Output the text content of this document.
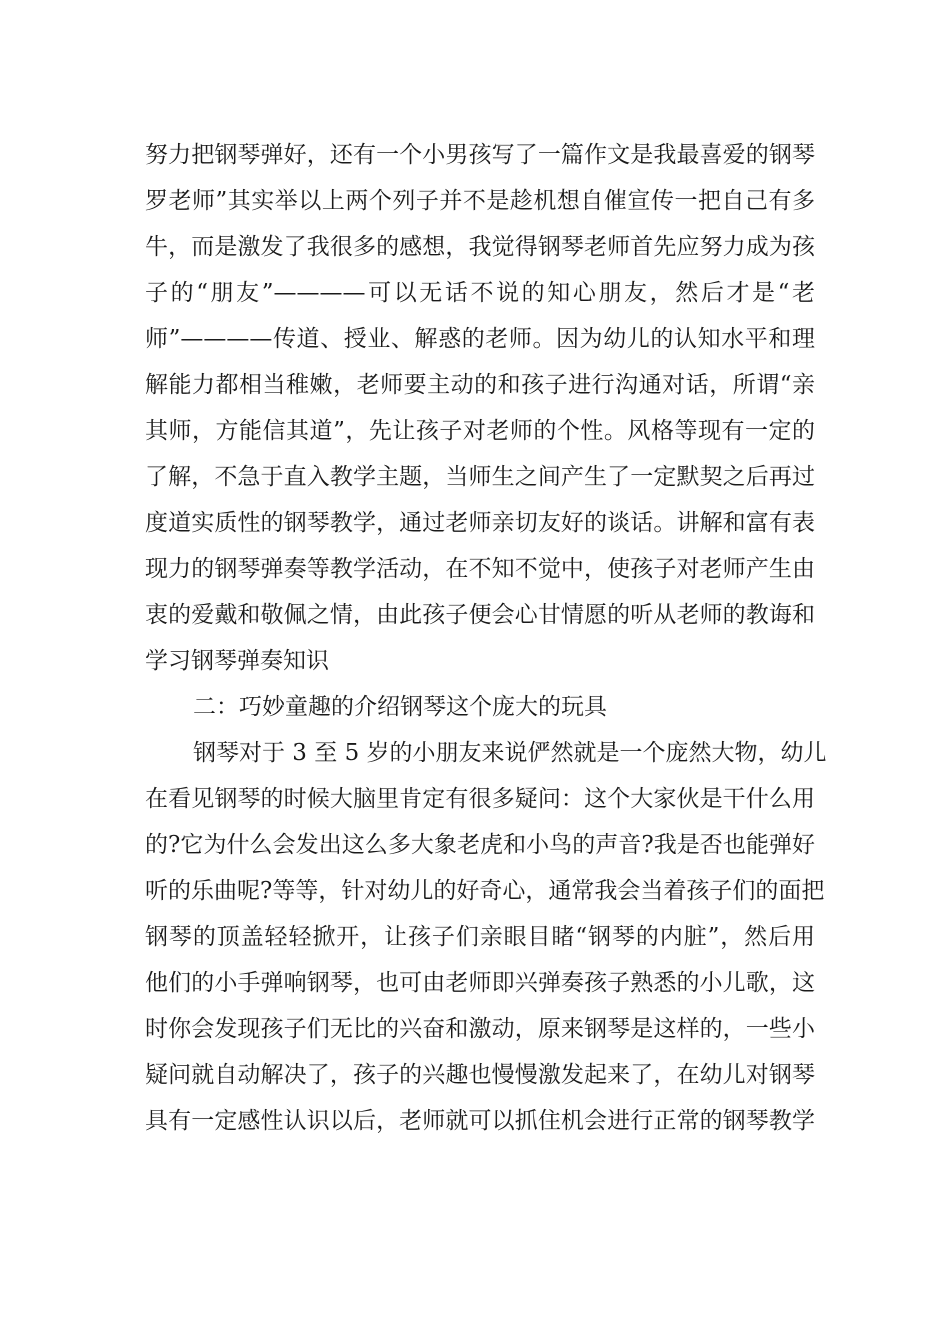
努力把钢琴弹好，还有一个小男孩写了一篇作文是我最喜爱的钢琴
罗老师”其实举以上两个列子并不是趁机想自催宣传一把自己有多
牛，而是激发了我很多的感想，我觉得钢琴老师首先应努力成为孩
子的“朋友”————可以无话不说的知心朋友，然后才是“老
师”————传道、授业、解惑的老师。因为幼儿的认知水平和理
解能力都相当稚嫩，老师要主动的和孩子进行沟通对话，所谓“亲
其师，方能信其道”，先让孩子对老师的个性。风格等现有一定的
了解，不急于直入教学主题，当师生之间产生了一定默契之后再过
度道实质性的钢琴教学，通过老师亲切友好的谈话。讲解和富有表
现力的钢琴弹奏等教学活动，在不知不觉中，使孩子对老师产生由
衷的爱戴和敬佩之情，由此孩子便会心甘情愿的听从老师的教诲和
学习钢琴弹奏知识
二：巧妙童趣的介绍钢琴这个庞大的玩具
钢琴对于 3 至 5 岁的小朋友来说俨然就是一个庞然大物，幼儿
在看见钢琴的时候大脑里肯定有很多疑问：这个大家伙是干什么用
的?它为什么会发出这么多大象老虎和小鸟的声音?我是否也能弹好
听的乐曲呢?等等，针对幼儿的好奇心，通常我会当着孩子们的面把
钢琴的顶盖轻轻掀开，让孩子们亲眼目睹“钢琴的内脏”，然后用
他们的小手弹响钢琴，也可由老师即兴弹奏孩子熟悉的小儿歌，这
时你会发现孩子们无比的兴奋和激动，原来钢琴是这样的，一些小
疑问就自动解决了，孩子的兴趣也慢慢激发起来了，在幼儿对钢琴
具有一定感性认识以后，老师就可以抓住机会进行正常的钢琴教学
